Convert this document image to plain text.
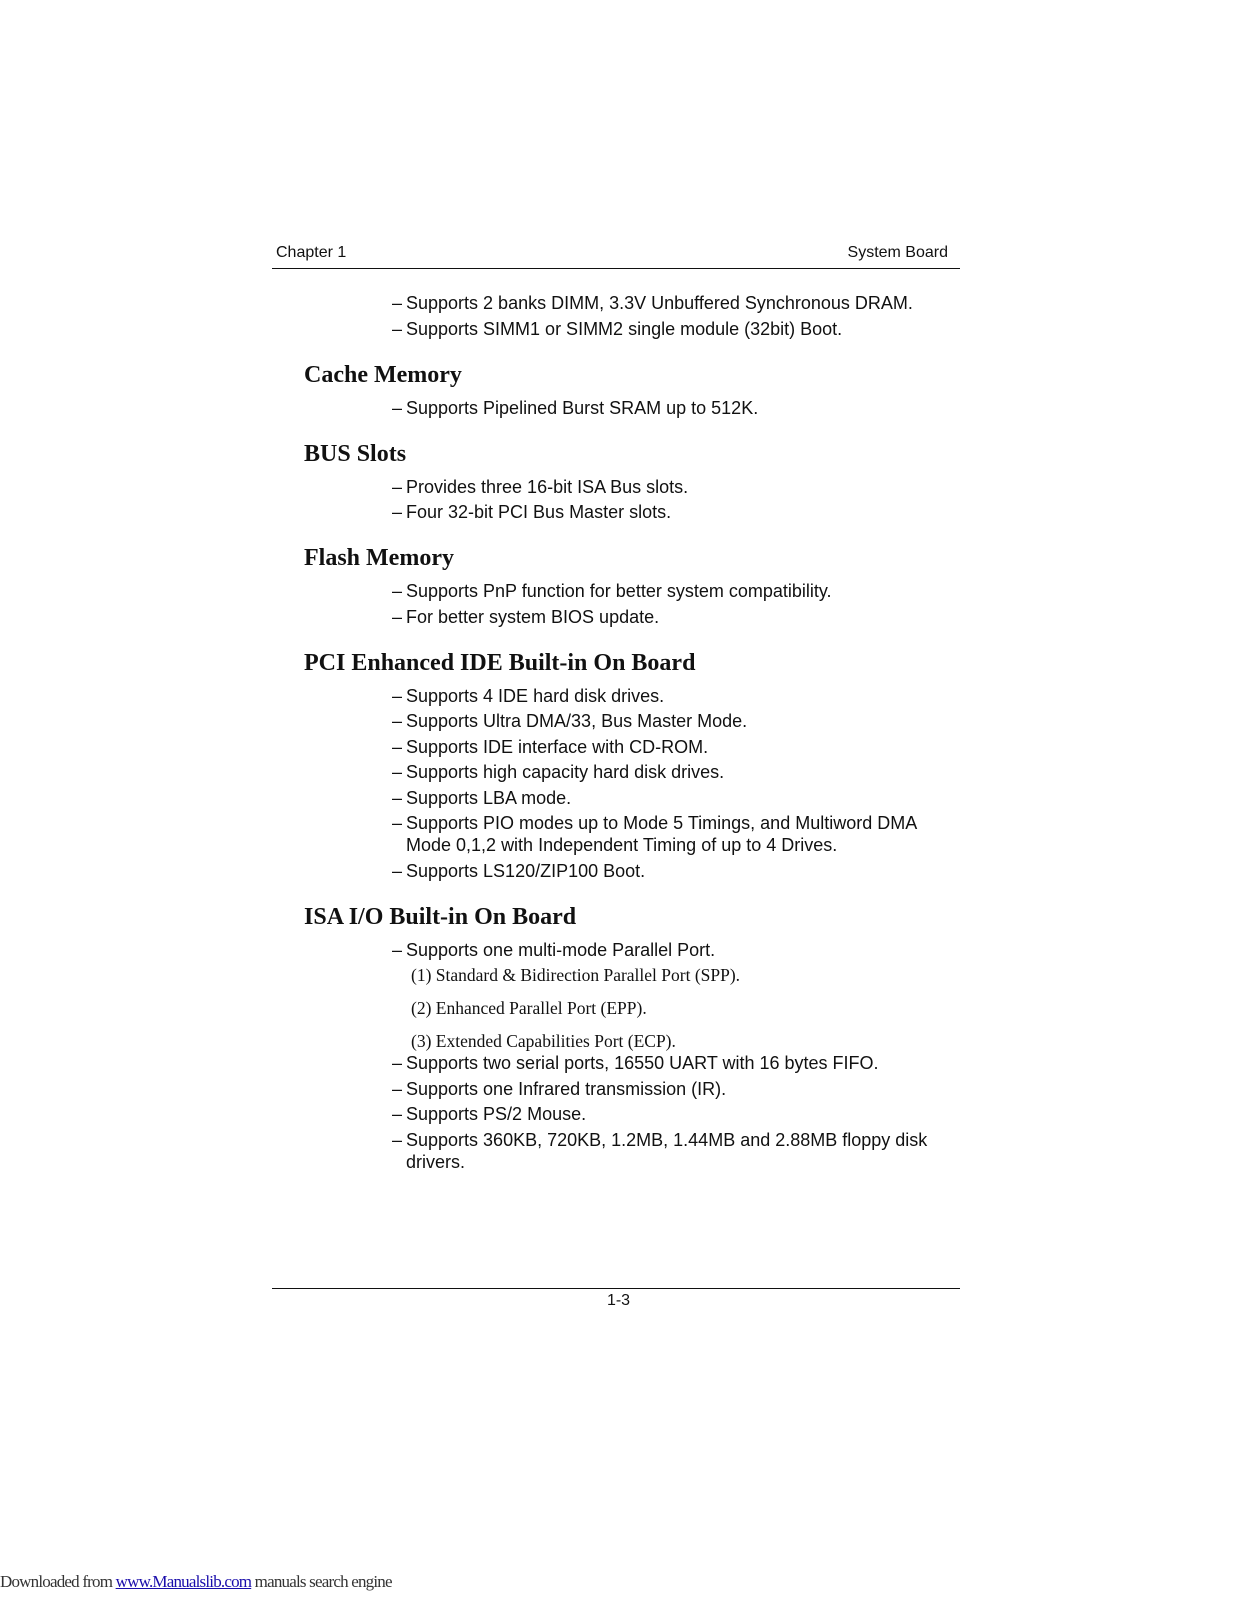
Chapter 1	System Board
– Supports 2 banks DIMM, 3.3V Unbuffered Synchronous DRAM.
– Supports SIMM1 or SIMM2 single module (32bit) Boot.
Cache Memory
– Supports Pipelined Burst SRAM up to 512K.
BUS Slots
– Provides three 16-bit ISA Bus slots.
– Four 32-bit PCI Bus Master slots.
Flash Memory
– Supports PnP function for better system compatibility.
– For better system BIOS update.
PCI Enhanced IDE Built-in On Board
– Supports 4 IDE hard disk drives.
– Supports Ultra DMA/33, Bus Master Mode.
– Supports IDE interface with CD-ROM.
– Supports high capacity hard disk drives.
– Supports LBA mode.
– Supports PIO modes up to Mode 5 Timings, and Multiword DMA Mode 0,1,2 with Independent Timing of up to 4 Drives.
– Supports LS120/ZIP100 Boot.
ISA I/O Built-in On Board
– Supports one multi-mode Parallel Port.
(1) Standard & Bidirection Parallel Port (SPP).
(2) Enhanced Parallel Port (EPP).
(3) Extended Capabilities Port (ECP).
– Supports two serial ports, 16550 UART with 16 bytes FIFO.
– Supports one Infrared transmission (IR).
– Supports PS/2 Mouse.
– Supports 360KB, 720KB, 1.2MB, 1.44MB and 2.88MB floppy disk drivers.
1-3
Downloaded from www.Manualslib.com manuals search engine
